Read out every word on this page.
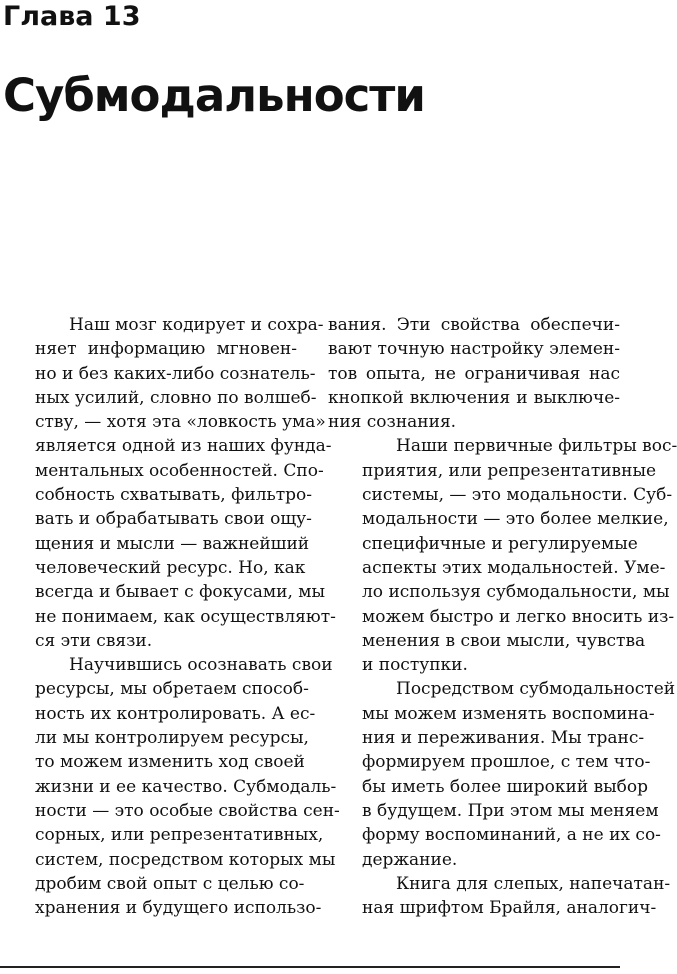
Глава 13
Субмодальности

Наш мозг кодирует и сохра-
няет информацию мгновен-
но и без каких-либо сознатель-
ных усилий, словно по волшеб-
ству, — хотя эта «ловкость ума»
является одной из наших фунда-
ментальных особенностей. Спо-
собность схватывать, фильтро-
вать и обрабатывать свои ощу-
щения и мысли — важнейший
человеческий ресурс. Но, как
всегда и бывает с фокусами, мы
не понимаем, как осуществляют-
ся эти связи.

Научившись осознавать свои
ресурсы, мы обретаем способ-
ность их контролировать. А ес-
ли мы контролируем ресурсы,
то можем изменить ход своей
жизни и ее качество. Субмодаль-
ности — это особые свойства сен-
сорных, или репрезентативных,
систем, посредством которых мы
дробим свой опыт с целью со-
хранения и будущего использо-

вания. Эти свойства обеспечи-
вают точную настройку элемен-
тов опыта, не ограничивая нас
кнопкой включения и выключе-
ния сознания.

Наши первичные фильтры вос-
приятия, или репрезентативные
системы, — это модальности. Суб-
модальности — это более мелкие,
специфичные и регулируемые
аспекты этих модальностей. Уме-
ло используя субмодальности, мы
можем быстро и легко вносить из-
менения в свои мысли, чувства
и поступки.

Посредством субмодальностей
мы можем изменять воспомина-
ния и переживания. Мы транс-
формируем прошлое, с тем что-
бы иметь более широкий выбор
в будущем. При этом мы меняем
форму воспоминаний, а не их со-
держание.

Книга для слепых, напечатан-
ная шрифтом Брайля, аналогич-
